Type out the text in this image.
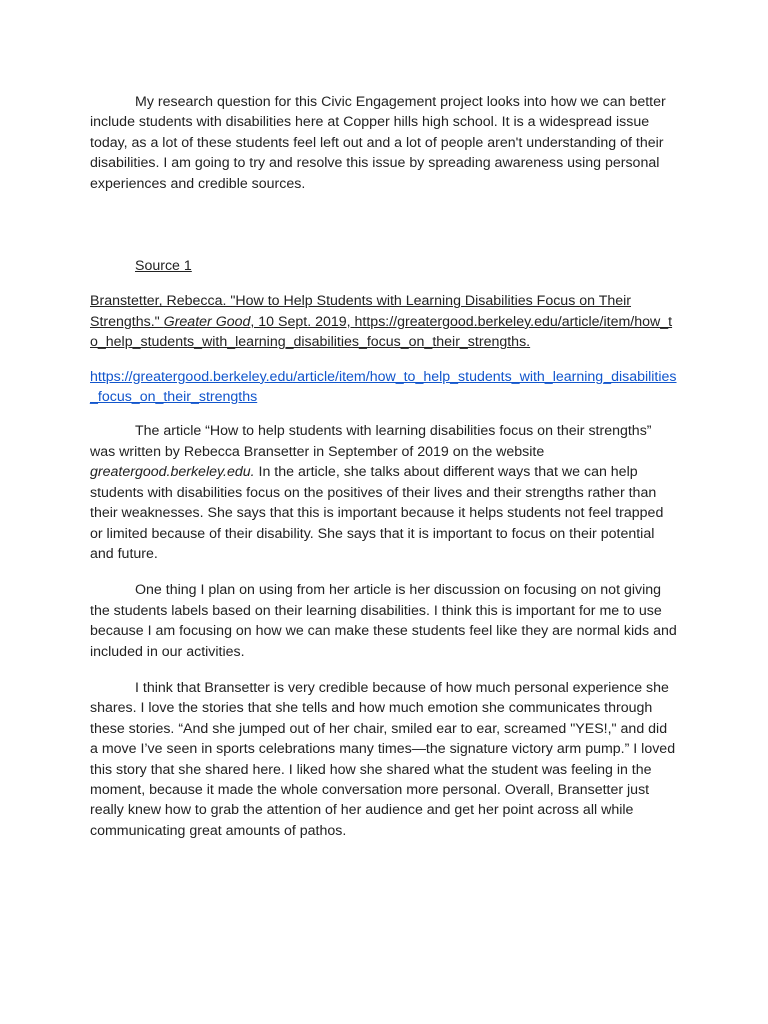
My research question for this Civic Engagement project looks into how we can better include students with disabilities here at Copper hills high school. It is a widespread issue today, as a lot of these students feel left out and a lot of people aren't understanding of their disabilities. I am going to try and resolve this issue by spreading awareness using personal experiences and credible sources.

Source 1

Branstetter, Rebecca. "How to Help Students with Learning Disabilities Focus on Their Strengths." Greater Good, 10 Sept. 2019, https://greatergood.berkeley.edu/article/item/how_to_help_students_with_learning_disabilities_focus_on_their_strengths.

https://greatergood.berkeley.edu/article/item/how_to_help_students_with_learning_disabilities_focus_on_their_strengths

The article “How to help students with learning disabilities focus on their strengths” was written by Rebecca Bransetter in September of 2019 on the website greatergood.berkeley.edu. In the article, she talks about different ways that we can help students with disabilities focus on the positives of their lives and their strengths rather than their weaknesses. She says that this is important because it helps students not feel trapped or limited because of their disability. She says that it is important to focus on their potential and future.

One thing I plan on using from her article is her discussion on focusing on not giving the students labels based on their learning disabilities. I think this is important for me to use because I am focusing on how we can make these students feel like they are normal kids and included in our activities.

I think that Bransetter is very credible because of how much personal experience she shares. I love the stories that she tells and how much emotion she communicates through these stories. “And she jumped out of her chair, smiled ear to ear, screamed "YES!," and did a move I’ve seen in sports celebrations many times—the signature victory arm pump.” I loved this story that she shared here. I liked how she shared what the student was feeling in the moment, because it made the whole conversation more personal. Overall, Bransetter just really knew how to grab the attention of her audience and get her point across all while communicating great amounts of pathos.
